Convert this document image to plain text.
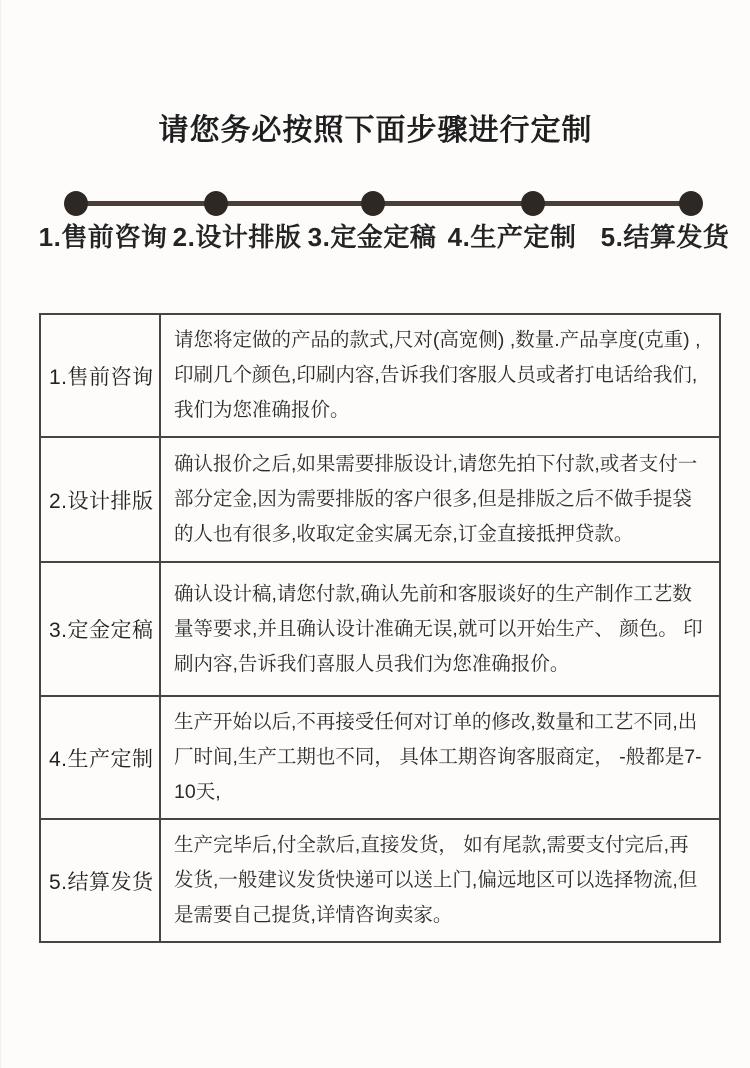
请您务必按照下面步骤进行定制
1.售前咨询 2.设计排版 3.定金定稿 4.生产定制 5.结算发货
1.售前咨询	请您将定做的产品的款式,尺对(高宽侧) ,数量.产品享度(克重) ,印刷几个颜色,印刷内容,告诉我们客服人员或者打电话给我们,我们为您准确报价。
2.设计排版	确认报价之后,如果需要排版设计,请您先拍下付款,或者支付一部分定金,因为需要排版的客户很多,但是排版之后不做手提袋的人也有很多,收取定金实属无奈,订金直接抵押贷款。
3.定金定稿	确认设计稿,请您付款,确认先前和客服谈好的生产制作工艺数量等要求,并且确认设计准确无误,就可以开始生产、 颜色。 印刷内容,告诉我们喜服人员我们为您准确报价。
4.生产定制	生产开始以后,不再接受任何对订单的修改,数量和工艺不同,出厂时间,生产工期也不同， 具体工期咨询客服商定， -般都是7-10天,
5.结算发货	生产完毕后,付全款后,直接发货， 如有尾款,需要支付完后,再发货,一般建议发货快递可以送上门,偏远地区可以选择物流,但是需要自己提货,详情咨询卖家。
